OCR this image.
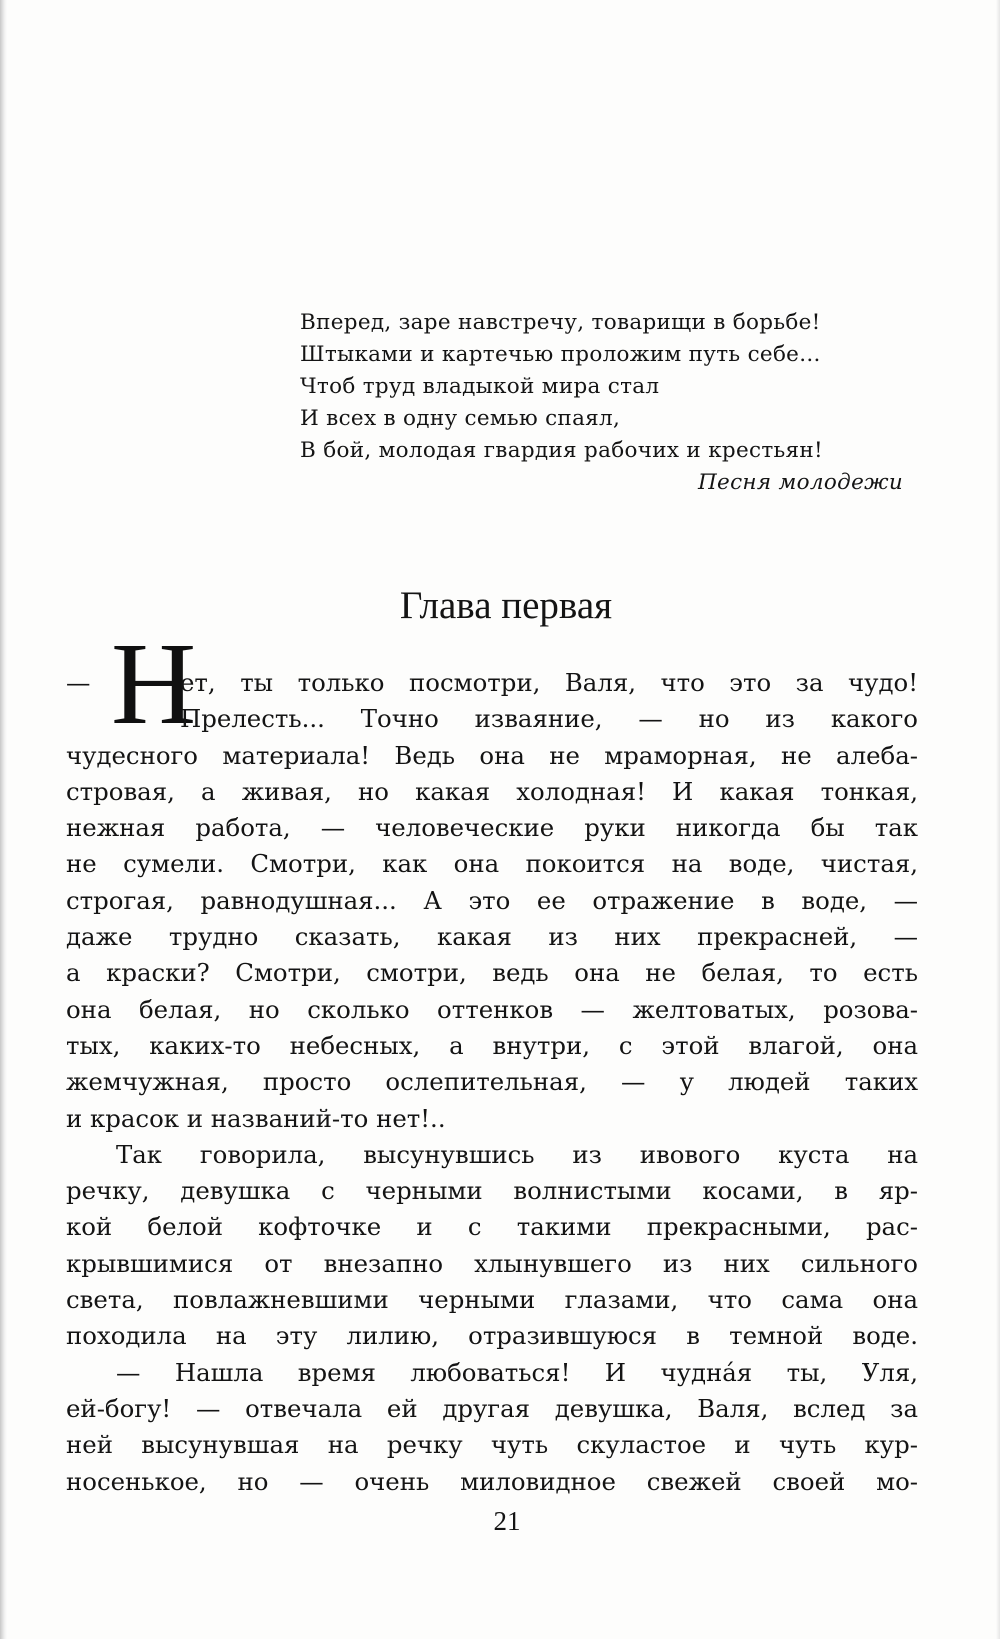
Вперед, заре навстречу, товарищи в борьбе!
Штыками и картечью проложим путь себе...
Чтоб труд владыкой мира стал
И всех в одну семью спаял,
В бой, молодая гвардия рабочих и крестьян!
Песня молодежи
Глава первая
Н
—	ет, ты только посмотри, Валя, что это за чудо!
Прелесть... Точно изваяние, — но из какого
чудесного материала! Ведь она не мраморная, не алеба-
стровая, а живая, но какая холодная! И какая тонкая,
нежная работа, — человеческие руки никогда бы так
не сумели. Смотри, как она покоится на воде, чистая,
строгая, равнодушная... А это ее отражение в воде, —
даже трудно сказать, какая из них прекрасней, —
а краски? Смотри, смотри, ведь она не белая, то есть
она белая, но сколько оттенков — желтоватых, розова-
тых, каких-то небесных, а внутри, с этой влагой, она
жемчужная, просто ослепительная, — у людей таких
и красок и названий-то нет!..
Так говорила, высунувшись из ивового куста на
речку, девушка с черными волнистыми косами, в яр-
кой белой кофточке и с такими прекрасными, рас-
крывшимися от внезапно хлынувшего из них сильного
света, повлажневшими черными глазами, что сама она
походила на эту лилию, отразившуюся в темной воде.
— Нашла время любоваться! И чудна́я ты, Уля,
ей-богу! — отвечала ей другая девушка, Валя, вслед за
ней высунувшая на речку чуть скуластое и чуть кур-
носенькое, но — очень миловидное свежей своей мо-
21
